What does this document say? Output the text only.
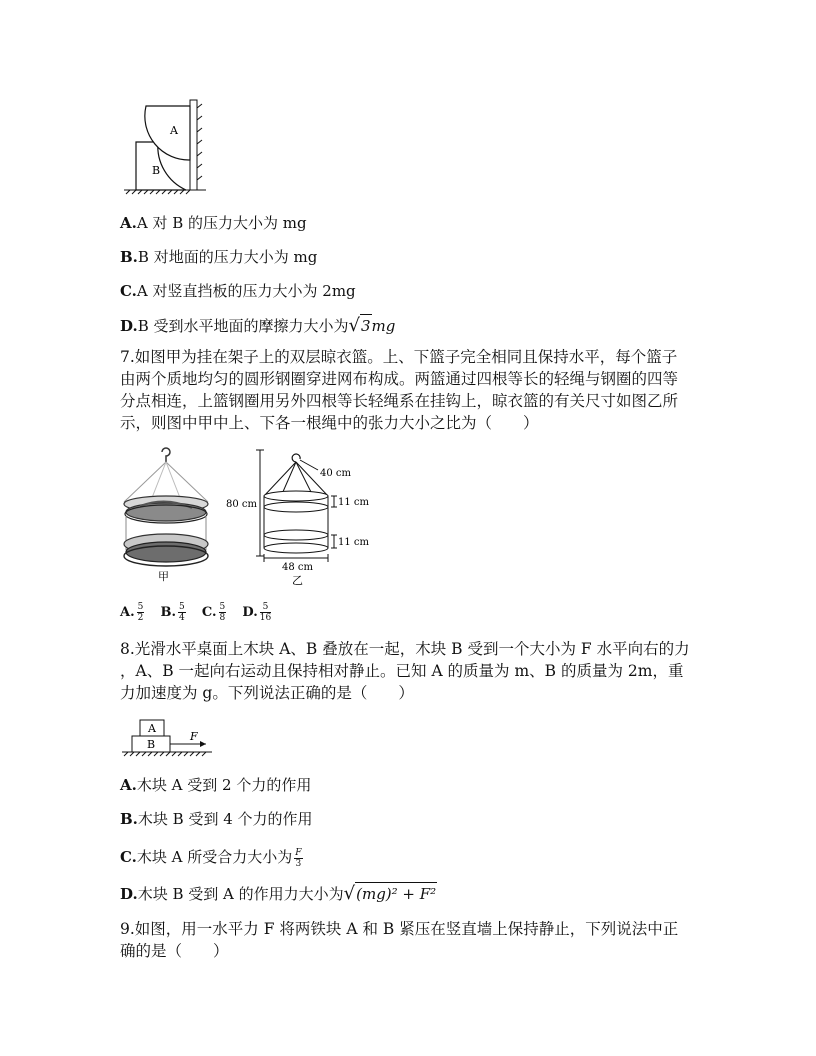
A
B
A.A 对 B 的压力大小为 mg
B.B 对地面的压力大小为 mg
C.A 对竖直挡板的压力大小为 2mg
D.B 受到水平地面的摩擦力大小为√3mg
7.如图甲为挂在架子上的双层晾衣篮。上、下篮子完全相同且保持水平，每个篮子
由两个质地均匀的圆形钢圈穿进网布构成。两篮通过四根等长的轻绳与钢圈的四等
分点相连，上篮钢圈用另外四根等长轻绳系在挂钩上，晾衣篮的有关尺寸如图乙所
示，则图中甲中上、下各一根绳中的张力大小之比为（　　）
甲
80 cm
40 cm
11 cm
11 cm
48 cm
乙
A. $\frac{5}{2} B$. $\frac{5}{4} C$. $\frac{5}{8} D$. $\frac{5}{16}$
8.光滑水平桌面上木块 A、B 叠放在一起，木块 B 受到一个大小为 F 水平向右的力
，A、B 一起向右运动且保持相对静止。已知 A 的质量为 m、B 的质量为 2m，重
力加速度为 g。下列说法正确的是（　　）
A
B
F
A.木块 A 受到 2 个力的作用
B.木块 B 受到 4 个力的作用
C.木块 A 所受合力大小为 $\frac{F}{3}$
D.木块 B 受到 A 的作用力大小为√(mg)² + F²
9.如图，用一水平力 F 将两铁块 A 和 B 紧压在竖直墙上保持静止，下列说法中正
确的是（　　）
